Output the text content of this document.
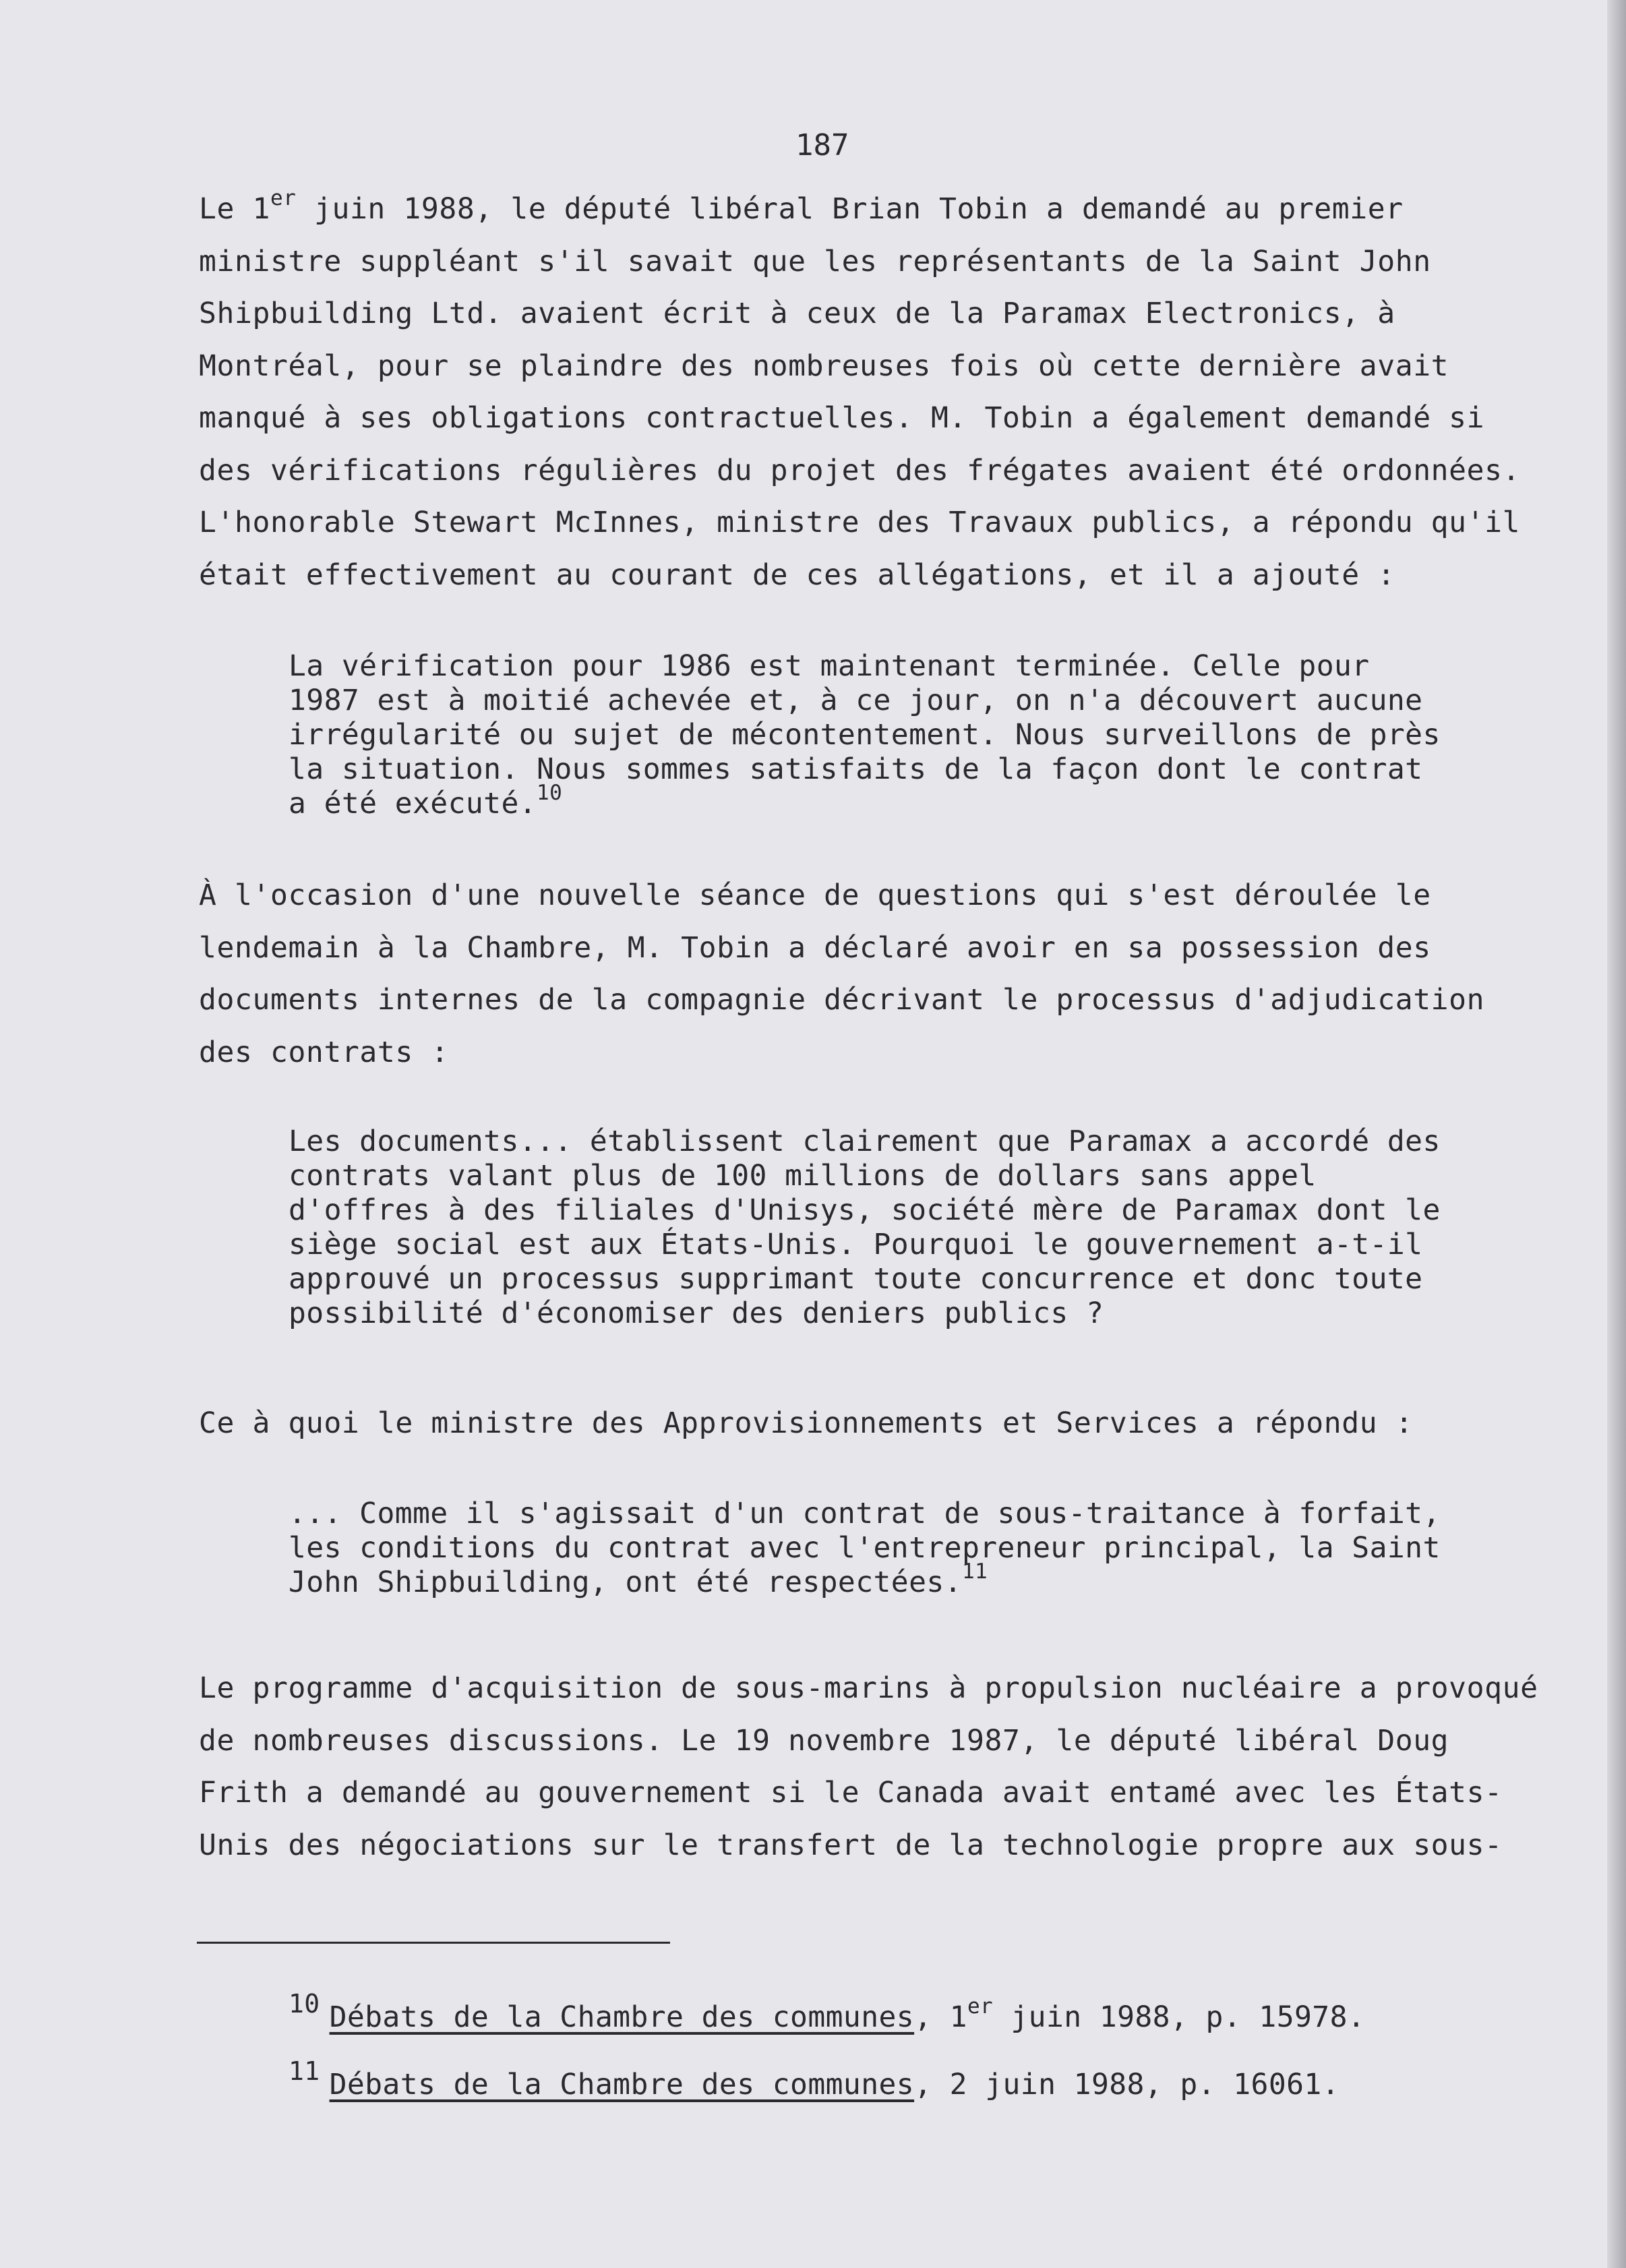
187
Le 1er juin 1988, le député libéral Brian Tobin a demandé au premier
ministre suppléant s'il savait que les représentants de la Saint John
Shipbuilding Ltd. avaient écrit à ceux de la Paramax Electronics, à
Montréal, pour se plaindre des nombreuses fois où cette dernière avait
manqué à ses obligations contractuelles. M. Tobin a également demandé si
des vérifications régulières du projet des frégates avaient été ordonnées.
L'honorable Stewart McInnes, ministre des Travaux publics, a répondu qu'il
était effectivement au courant de ces allégations, et il a ajouté :
La vérification pour 1986 est maintenant terminée. Celle pour
1987 est à moitié achevée et, à ce jour, on n'a découvert aucune
irrégularité ou sujet de mécontentement. Nous surveillons de près
la situation. Nous sommes satisfaits de la façon dont le contrat
a été exécuté.$^{10}$
À l'occasion d'une nouvelle séance de questions qui s'est déroulée le
lendemain à la Chambre, M. Tobin a déclaré avoir en sa possession des
documents internes de la compagnie décrivant le processus d'adjudication
des contrats :
Les documents... établissent clairement que Paramax a accordé des
contrats valant plus de 100 millions de dollars sans appel
d'offres à des filiales d'Unisys, société mère de Paramax dont le
siège social est aux États-Unis. Pourquoi le gouvernement a-t-il
approuvé un processus supprimant toute concurrence et donc toute
possibilité d'économiser des deniers publics ?
Ce à quoi le ministre des Approvisionnements et Services a répondu :
... Comme il s'agissait d'un contrat de sous-traitance à forfait,
les conditions du contrat avec l'entrepreneur principal, la Saint
John Shipbuilding, ont été respectées.$^{11}$
Le programme d'acquisition de sous-marins à propulsion nucléaire a provoqué
de nombreuses discussions. Le 19 novembre 1987, le député libéral Doug
Frith a demandé au gouvernement si le Canada avait entamé avec les États-
Unis des négociations sur le transfert de la technologie propre aux sous-
10 Débats de la Chambre des communes, 1er juin 1988, p. 15978.
11 Débats de la Chambre des communes, 2 juin 1988, p. 16061.
